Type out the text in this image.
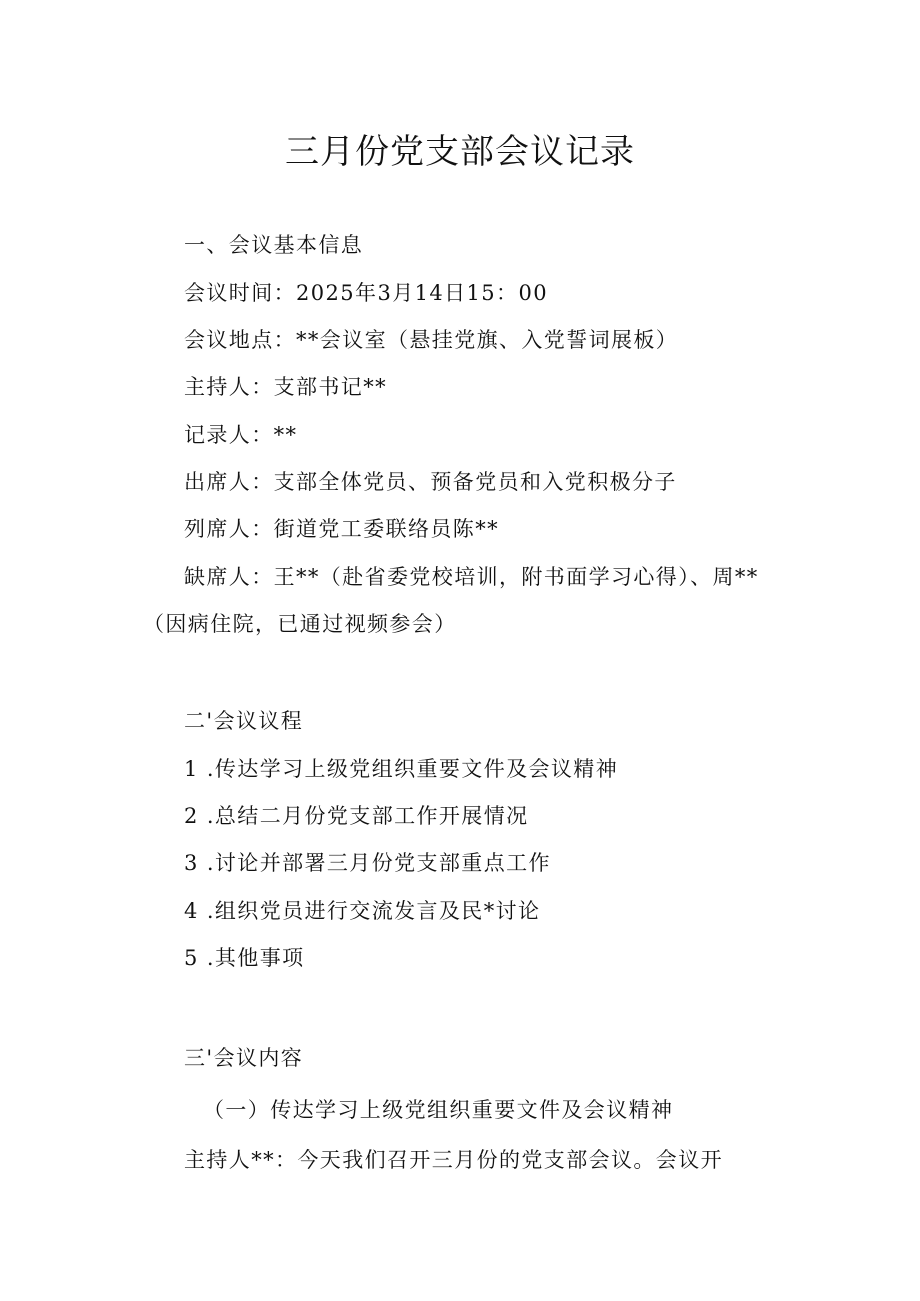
三月份党支部会议记录
一、会议基本信息
会议时间：2025年3月14日15：00
会议地点：**会议室（悬挂党旗、入党誓词展板）
主持人：支部书记**
记录人：**
出席人：支部全体党员、预备党员和入党积极分子
列席人：街道党工委联络员陈**
缺席人：王**（赴省委党校培训，附书面学习心得）、周**
（因病住院，已通过视频参会）
二'会议议程
1 .传达学习上级党组织重要文件及会议精神
2 .总结二月份党支部工作开展情况
3 .讨论并部署三月份党支部重点工作
4 .组织党员进行交流发言及民*讨论
5 .其他事项
三'会议内容
（一）传达学习上级党组织重要文件及会议精神
主持人**：今天我们召开三月份的党支部会议。会议开
